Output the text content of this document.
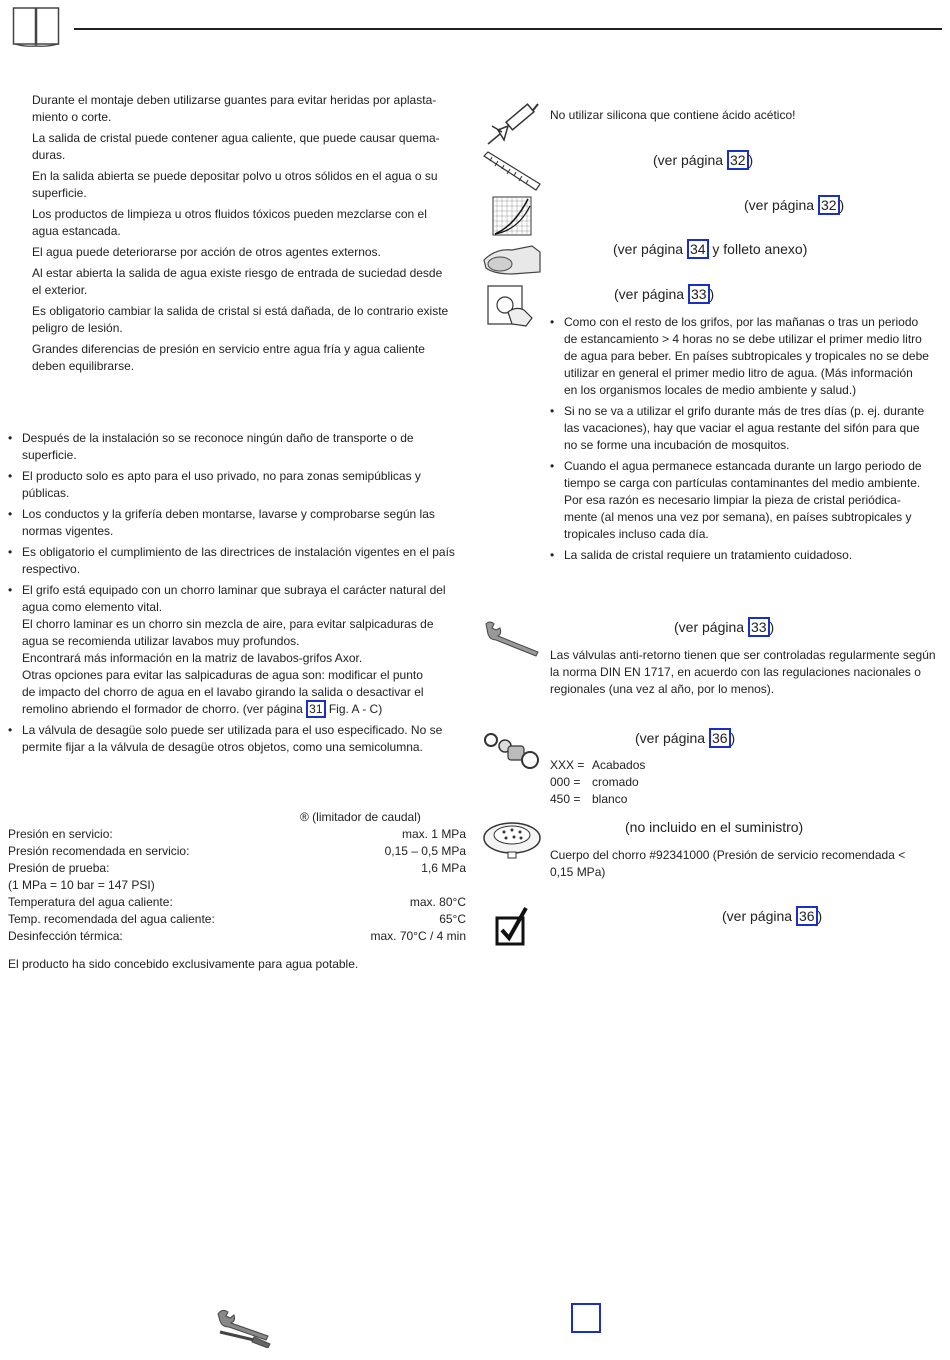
Durante el montaje deben utilizarse guantes para evitar heridas por aplasta-
miento o corte.

La salida de cristal puede contener agua caliente, que puede causar quema-
duras.

En la salida abierta se puede depositar polvo u otros sólidos en el agua o su
superficie.

Los productos de limpieza u otros fluidos tóxicos pueden mezclarse con el
agua estancada.

El agua puede deteriorarse por acción de otros agentes externos.

Al estar abierta la salida de agua existe riesgo de entrada de suciedad desde
el exterior.

Es obligatorio cambiar la salida de cristal si está dañada, de lo contrario existe
peligro de lesión.

Grandes diferencias de presión en servicio entre agua fría y agua caliente
deben equilibrarse.

• Después de la instalación so se reconoce ningún daño de transporte o de
superficie.
• El producto solo es apto para el uso privado, no para zonas semipúblicas y
públicas.
• Los conductos y la grifería deben montarse, lavarse y comprobarse según las
normas vigentes.
• Es obligatorio el cumplimiento de las directrices de instalación vigentes en el país
respectivo.
• El grifo está equipado con un chorro laminar que subraya el carácter natural del
agua como elemento vital.
El chorro laminar es un chorro sin mezcla de aire, para evitar salpicaduras de
agua se recomienda utilizar lavabos muy profundos.
Encontrará más información en la matriz de lavabos-grifos Axor.
Otras opciones para evitar las salpicaduras de agua son: modificar el punto
de impacto del chorro de agua en el lavabo girando la salida o desactivar el
remolino abriendo el formador de chorro. (ver página 31 Fig. A - C)
• La válvula de desagüe solo puede ser utilizada para el uso especificado. No se
permite fijar a la válvula de desagüe otros objetos, como una semicolumna.
® (limitador de caudal)
Presión en servicio:	max. 1 MPa
Presión recomendada en servicio:	0,15 – 0,5 MPa
Presión de prueba:	1,6 MPa
(1 MPa = 10 bar = 147 PSI)
Temperatura del agua caliente:	max. 80°C
Temp. recomendada del agua caliente:	65°C
Desinfección térmica:	max. 70°C / 4 min
El producto ha sido concebido exclusivamente para agua potable.
No utilizar silicona que contiene ácido acético!
(ver página 32 )
(ver página 32 )
(ver página 34 y folleto anexo)
(ver página 33 )
• Como con el resto de los grifos, por las mañanas o tras un periodo
de estancamiento > 4 horas no se debe utilizar el primer medio litro
de agua para beber. En países subtropicales y tropicales no se debe
utilizar en general el primer medio litro de agua. (Más información
en los organismos locales de medio ambiente y salud.)
• Si no se va a utilizar el grifo durante más de tres días (p. ej. durante
las vacaciones), hay que vaciar el agua restante del sifón para que
no se forme una incubación de mosquitos.
• Cuando el agua permanece estancada durante un largo periodo de
tiempo se carga con partículas contaminantes del medio ambiente.
Por esa razón es necesario limpiar la pieza de cristal periódica-
mente (al menos una vez por semana), en países subtropicales y
tropicales incluso cada día.
• La salida de cristal requiere un tratamiento cuidadoso.
(ver página 33 )
Las válvulas anti-retorno tienen que ser controladas regularmente según
la norma DIN EN 1717, en acuerdo con las regulaciones nacionales o
regionales (una vez al año, por lo menos).
(ver página 36 )
XXX = Acabados
000 = cromado
450 = blanco
(no incluido en el suministro)
Cuerpo del chorro #92341000 (Presión de servicio recomendada <
0,15 MPa)
(ver página 36 )
